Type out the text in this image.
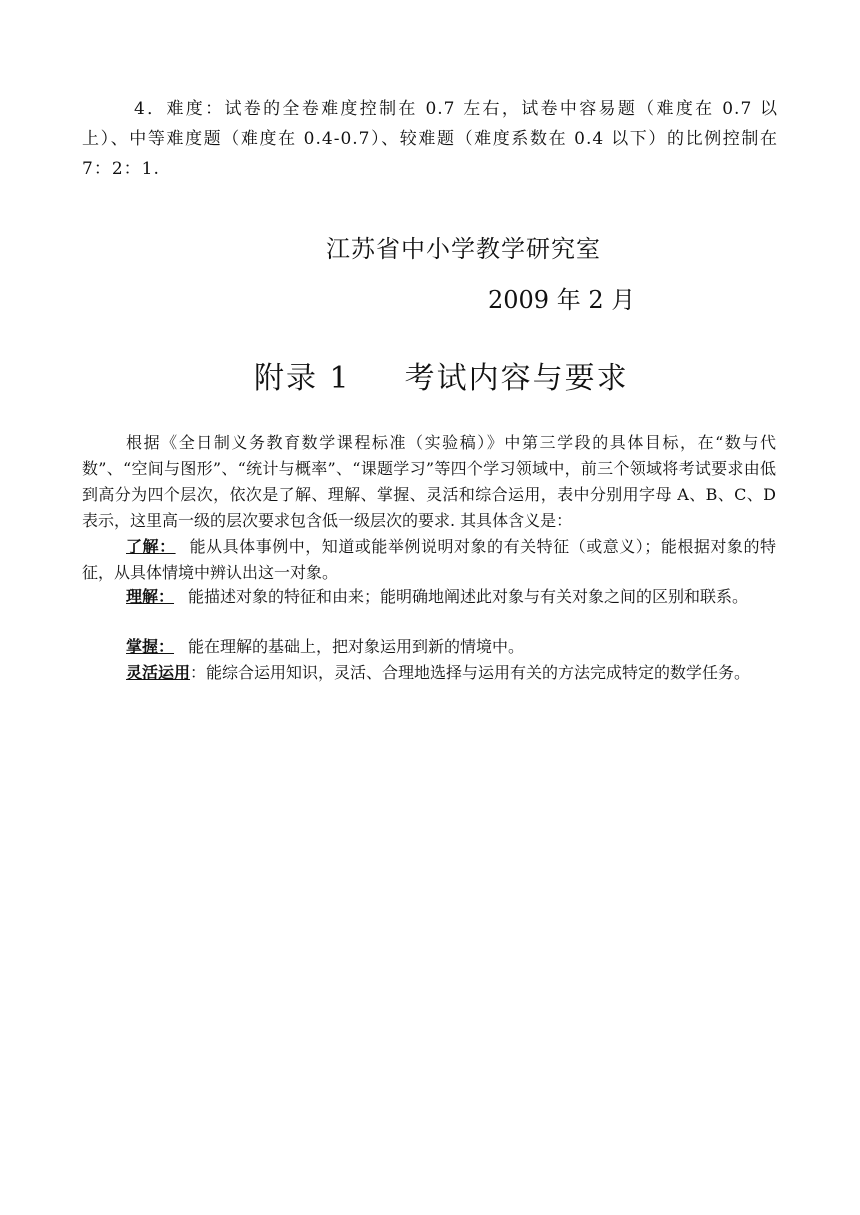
4．难度：试卷的全卷难度控制在 0.7 左右，试卷中容易题（难度在 0.7 以上）、中等难度题（难度在 0.4-0.7）、较难题（难度系数在 0.4 以下）的比例控制在 7：2：1.

江苏省中小学教学研究室

2009 年 2 月

附录 1 考试内容与要求

根据《全日制义务教育数学课程标准（实验稿）》中第三学段的具体目标，在“数与代数”、“空间与图形”、“统计与概率”、“课题学习”等四个学习领域中，前三个领域将考试要求由低到高分为四个层次，依次是了解、理解、掌握、灵活和综合运用，表中分别用字母 A、B、C、D 表示，这里高一级的层次要求包含低一级层次的要求. 其具体含义是：

了解： 能从具体事例中，知道或能举例说明对象的有关特征（或意义）；能根据对象的特征，从具体情境中辨认出这一对象。

理解： 能描述对象的特征和由来；能明确地阐述此对象与有关对象之间的区别和联系。

掌握： 能在理解的基础上，把对象运用到新的情境中。

灵活运用：能综合运用知识，灵活、合理地选择与运用有关的方法完成特定的数学任务。
